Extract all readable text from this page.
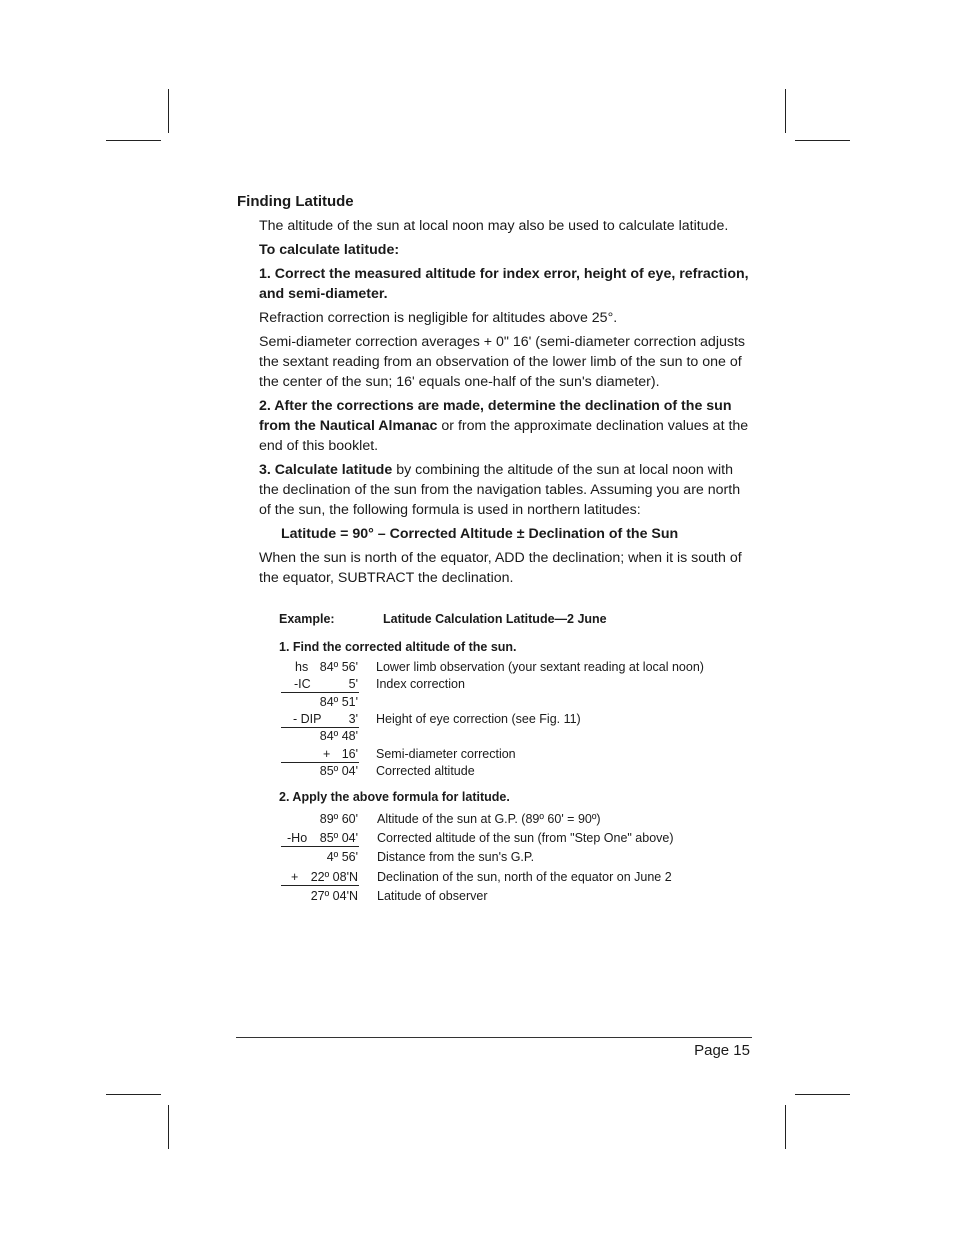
Finding Latitude

The altitude of the sun at local noon may also be used to calculate latitude.

To calculate latitude:

1. Correct the measured altitude for index error, height of eye, refraction, and semi-diameter.

Refraction correction is negligible for altitudes above 25°.

Semi-diameter correction averages + 0" 16' (semi-diameter correction adjusts the sextant reading from an observation of the lower limb of the sun to one of the center of the sun; 16' equals one-half of the sun's diameter).

2. After the corrections are made, determine the declination of the sun from the Nautical Almanac or from the approximate declination values at the end of this booklet.

3. Calculate latitude by combining the altitude of the sun at local noon with the declination of the sun from the navigation tables. Assuming you are north of the sun, the following formula is used in northern latitudes:

Latitude = 90° – Corrected Altitude ± Declination of the Sun

When the sun is north of the equator, ADD the declination; when it is south of the equator, SUBTRACT the declination.

Example:	Latitude Calculation Latitude—2 June
1. Find the corrected altitude of the sun.
hs 84º 56' Lower limb observation (your sextant reading at local noon)
-IC	5' Index correction
84º 51'
- DIP 3' Height of eye correction (see Fig. 11)
84º 48'
+ 16' Semi-diameter correction
85º 04' Corrected altitude
2. Apply the above formula for latitude.
89º 60' Altitude of the sun at G.P. (89º 60' = 90º)
-Ho 85º 04' Corrected altitude of the sun (from "Step One" above)
4º 56' Distance from the sun's G.P.
+ 22º 08'N Declination of the sun, north of the equator on June 2
27º 04'N Latitude of observer
Page 15
